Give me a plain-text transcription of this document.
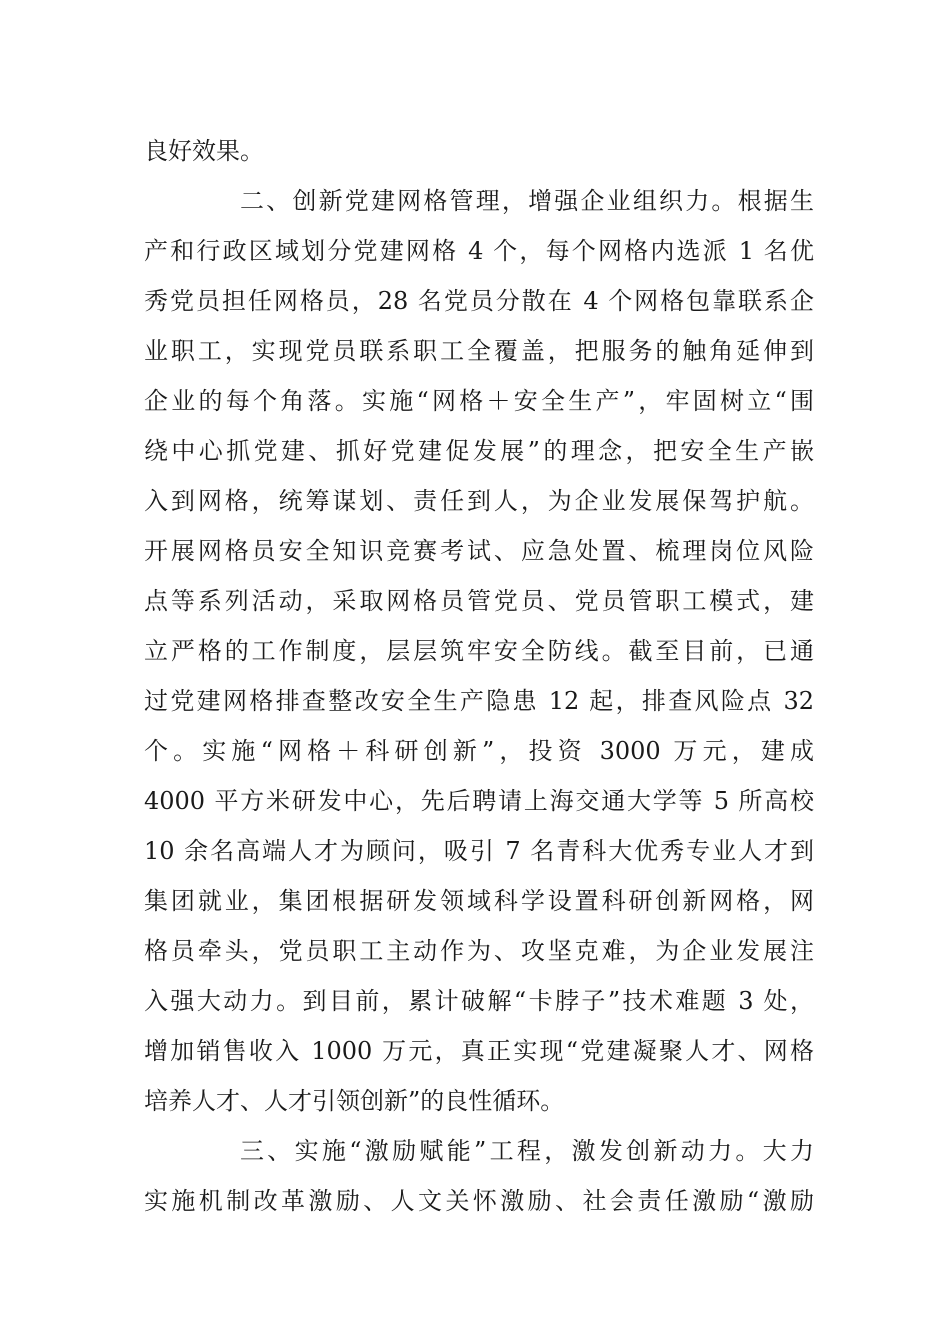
良好效果。
二、创新党建网格管理，增强企业组织力。根据生
产和行政区域划分党建网格 4 个，每个网格内选派 1 名优
秀党员担任网格员，28 名党员分散在 4 个网格包靠联系企
业职工，实现党员联系职工全覆盖，把服务的触角延伸到
企业的每个角落。实施“网格＋安全生产”，牢固树立“围
绕中心抓党建、抓好党建促发展”的理念，把安全生产嵌
入到网格，统筹谋划、责任到人，为企业发展保驾护航。
开展网格员安全知识竞赛考试、应急处置、梳理岗位风险
点等系列活动，采取网格员管党员、党员管职工模式，建
立严格的工作制度，层层筑牢安全防线。截至目前，已通
过党建网格排查整改安全生产隐患 12 起，排查风险点 32
个。实施“网格＋科研创新”，投资 3000 万元，建成
4000 平方米研发中心，先后聘请上海交通大学等 5 所高校
10 余名高端人才为顾问，吸引 7 名青科大优秀专业人才到
集团就业，集团根据研发领域科学设置科研创新网格，网
格员牵头，党员职工主动作为、攻坚克难，为企业发展注
入强大动力。到目前，累计破解“卡脖子”技术难题 3 处，
增加销售收入 1000 万元，真正实现“党建凝聚人才、网格
培养人才、人才引领创新”的良性循环。
三、实施“激励赋能”工程，激发创新动力。大力
实施机制改革激励、人文关怀激励、社会责任激励“激励
